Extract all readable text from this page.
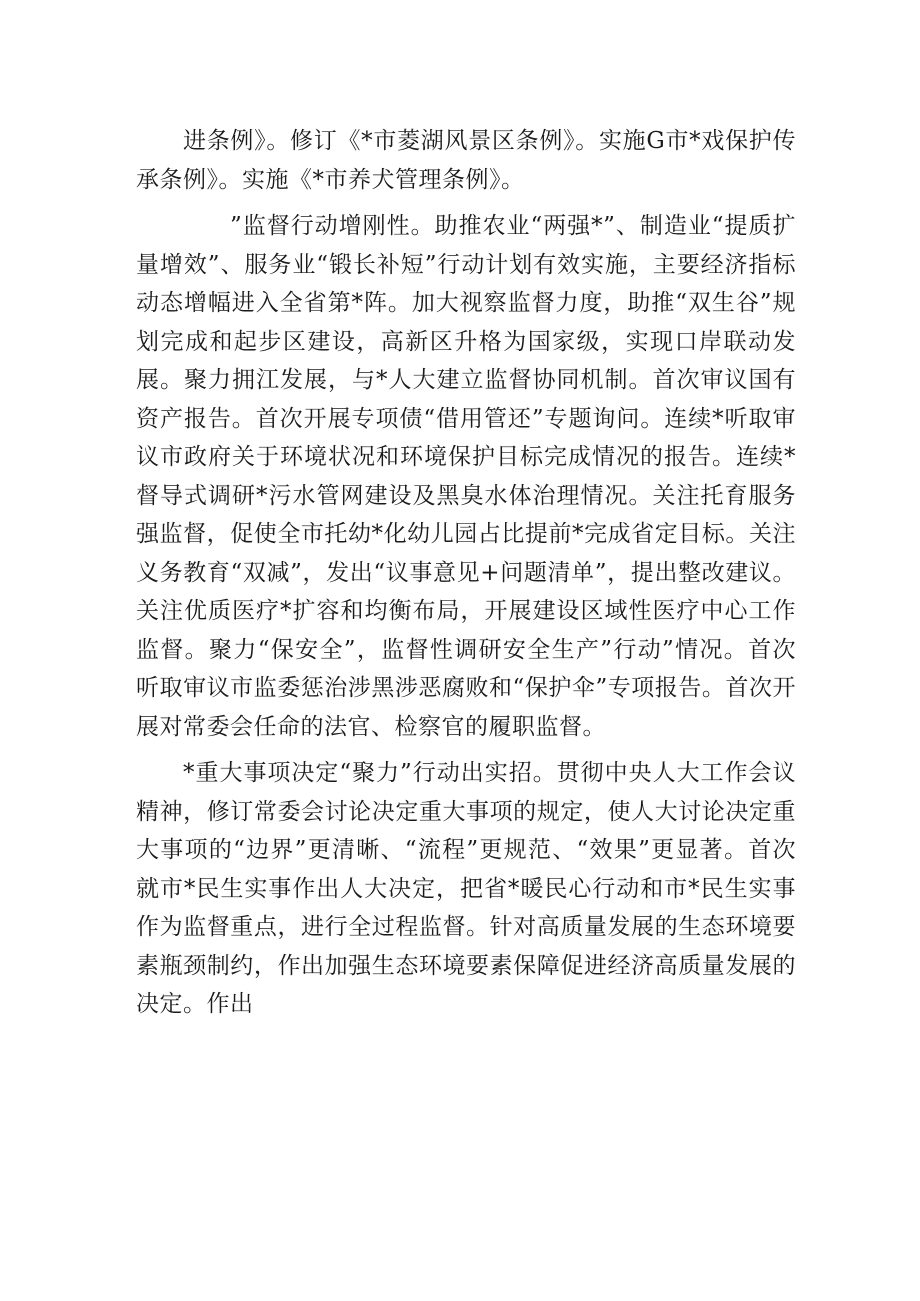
进条例》。修订《*市菱湖风景区条例》。实施G市*戏保护传承条例》。实施《*市养犬管理条例》。

”监督行动增刚性。助推农业“两强*”、制造业“提质扩量增效”、服务业“锻长补短”行动计划有效实施，主要经济指标动态增幅进入全省第*阵。加大视察监督力度，助推“双生谷”规划完成和起步区建设，高新区升格为国家级，实现口岸联动发展。聚力拥江发展，与*人大建立监督协同机制。首次审议国有资产报告。首次开展专项债“借用管还”专题询问。连续*听取审议市政府关于环境状况和环境保护目标完成情况的报告。连续*督导式调研*污水管网建设及黑臭水体治理情况。关注托育服务强监督，促使全市托幼*化幼儿园占比提前*完成省定目标。关注义务教育“双减”，发出“议事意见+问题清单”，提出整改建议。关注优质医疗*扩容和均衡布局，开展建设区域性医疗中心工作监督。聚力“保安全”，监督性调研安全生产”行动”情况。首次听取审议市监委惩治涉黑涉恶腐败和“保护伞”专项报告。首次开展对常委会任命的法官、检察官的履职监督。

*重大事项决定“聚力”行动出实招。贯彻中央人大工作会议精神，修订常委会讨论决定重大事项的规定，使人大讨论决定重大事项的“边界”更清晰、“流程”更规范、“效果”更显著。首次就市*民生实事作出人大决定，把省*暖民心行动和市*民生实事作为监督重点，进行全过程监督。针对高质量发展的生态环境要素瓶颈制约，作出加强生态环境要素保障促进经济高质量发展的决定。作出
